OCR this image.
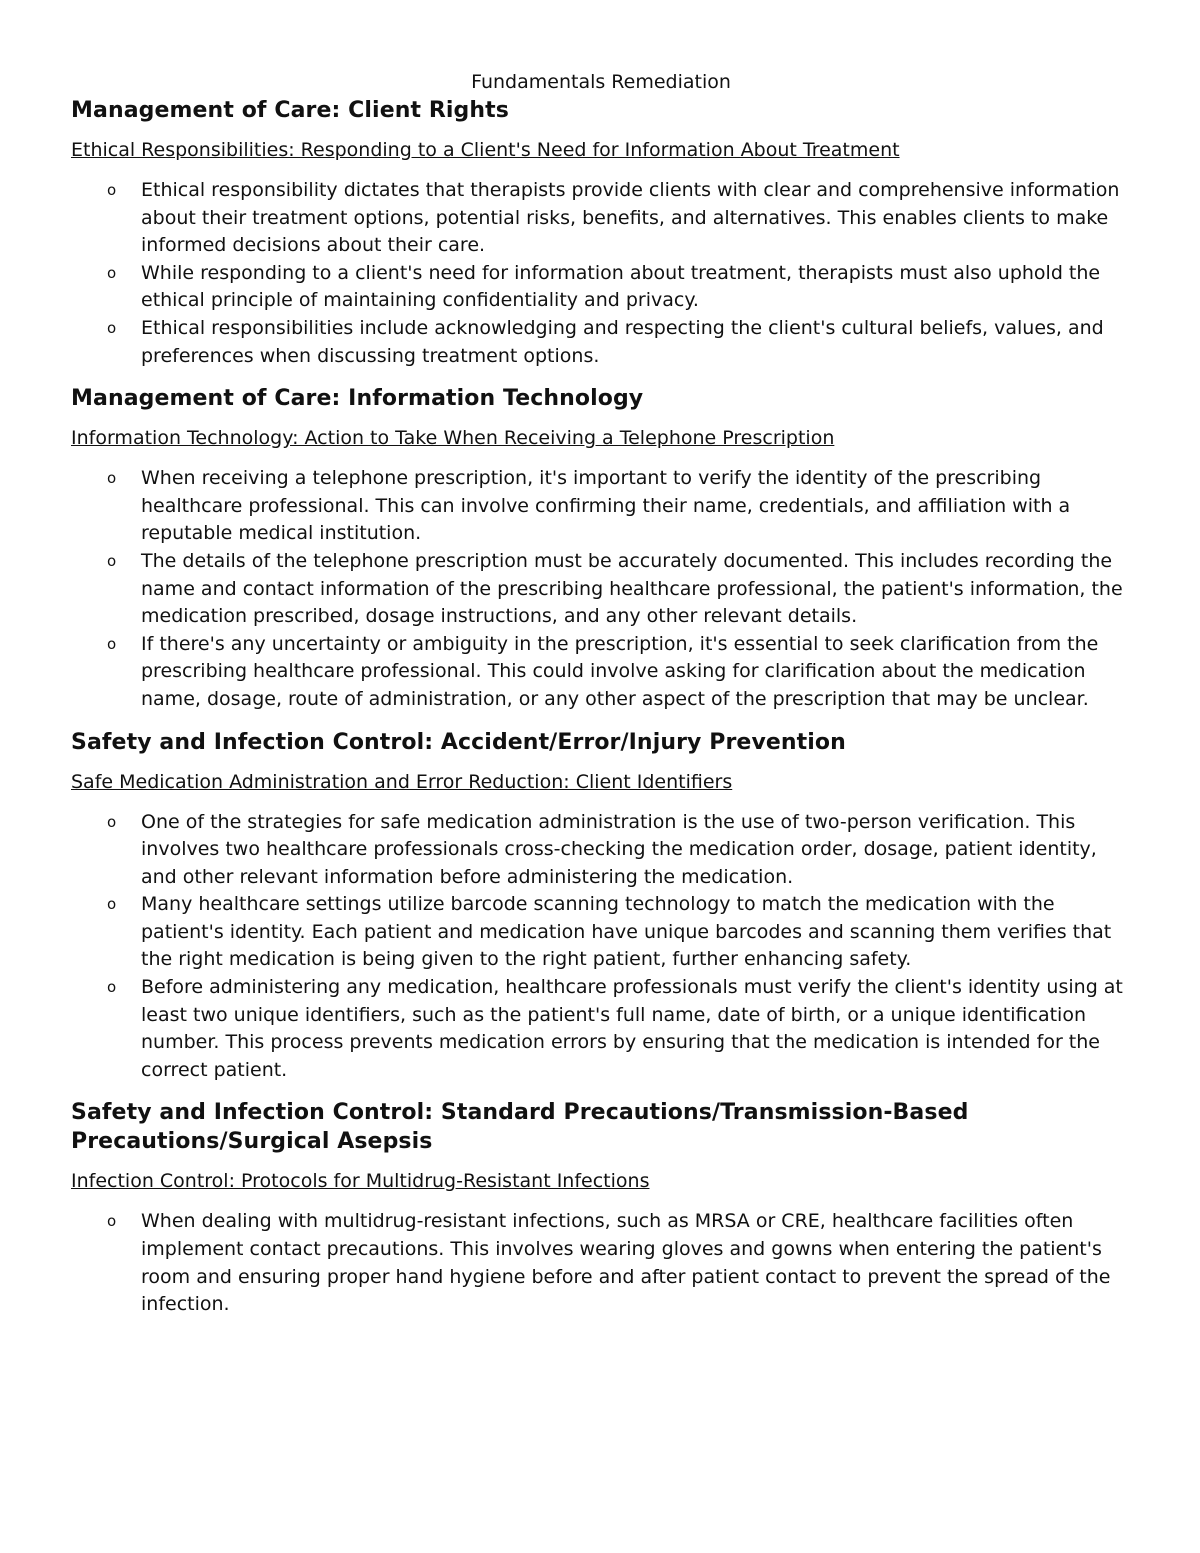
Fundamentals Remediation

Management of Care: Client Rights

Ethical Responsibilities: Responding to a Client's Need for Information About Treatment

o Ethical responsibility dictates that therapists provide clients with clear and comprehensive information about their treatment options, potential risks, benefits, and alternatives. This enables clients to make informed decisions about their care.
o While responding to a client's need for information about treatment, therapists must also uphold the ethical principle of maintaining confidentiality and privacy.
o Ethical responsibilities include acknowledging and respecting the client's cultural beliefs, values, and preferences when discussing treatment options.
Management of Care: Information Technology

Information Technology: Action to Take When Receiving a Telephone Prescription

o When receiving a telephone prescription, it's important to verify the identity of the prescribing healthcare professional. This can involve confirming their name, credentials, and affiliation with a reputable medical institution.
o The details of the telephone prescription must be accurately documented. This includes recording the name and contact information of the prescribing healthcare professional, the patient's information, the medication prescribed, dosage instructions, and any other relevant details.
o If there's any uncertainty or ambiguity in the prescription, it's essential to seek clarification from the prescribing healthcare professional. This could involve asking for clarification about the medication name, dosage, route of administration, or any other aspect of the prescription that may be unclear.
Safety and Infection Control: Accident/Error/Injury Prevention

Safe Medication Administration and Error Reduction: Client Identifiers

o One of the strategies for safe medication administration is the use of two-person verification. This involves two healthcare professionals cross-checking the medication order, dosage, patient identity, and other relevant information before administering the medication.
o Many healthcare settings utilize barcode scanning technology to match the medication with the patient's identity. Each patient and medication have unique barcodes and scanning them verifies that the right medication is being given to the right patient, further enhancing safety.
o Before administering any medication, healthcare professionals must verify the client's identity using at least two unique identifiers, such as the patient's full name, date of birth, or a unique identification number. This process prevents medication errors by ensuring that the medication is intended for the correct patient.
Safety and Infection Control: Standard Precautions/Transmission-Based Precautions/Surgical Asepsis

Infection Control: Protocols for Multidrug-Resistant Infections

o When dealing with multidrug-resistant infections, such as MRSA or CRE, healthcare facilities often implement contact precautions. This involves wearing gloves and gowns when entering the patient's room and ensuring proper hand hygiene before and after patient contact to prevent the spread of the infection.
